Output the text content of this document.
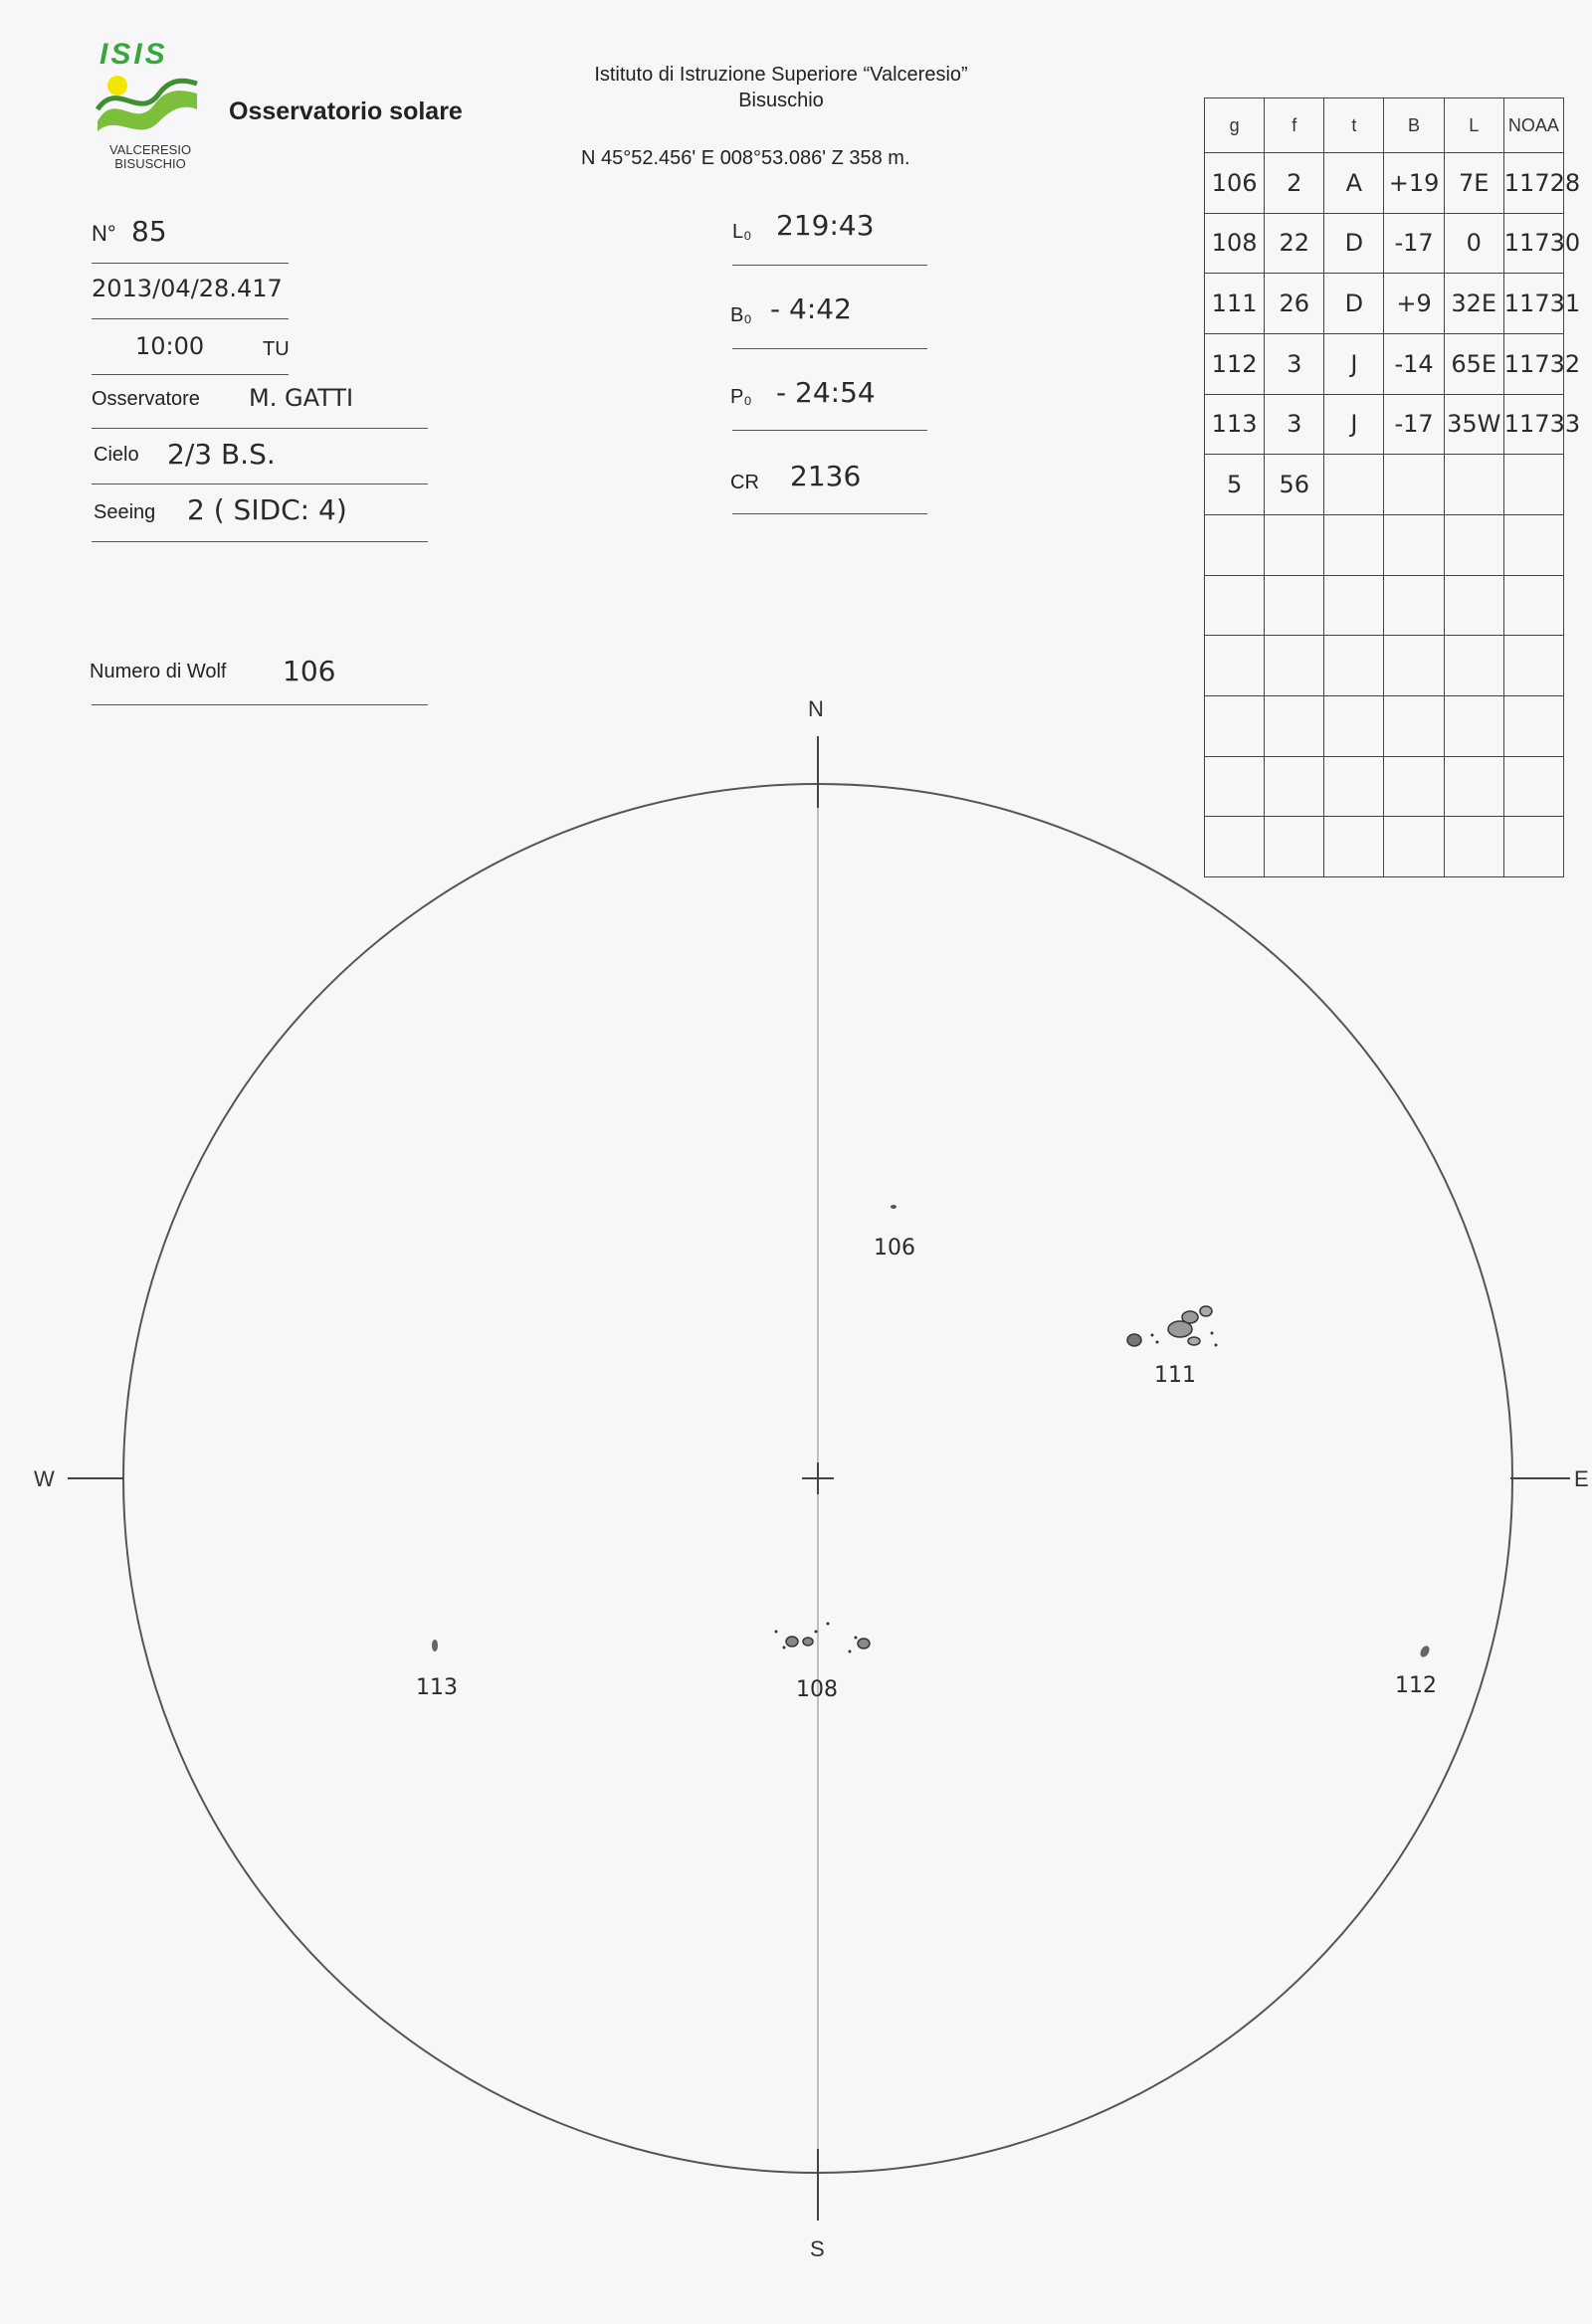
ISIS
VALCERESIO
BISUSCHIO
Osservatorio solare
Istituto di Istruzione Superiore “Valceresio”
Bisuschio
N 45°52.456' E 008°53.086' Z 358 m.
N° 85
2013/04/28.417
10:00	TU
Osservatore M. GATTI
Cielo 2/3 B.S.
Seeing 2 ( SIDC: 4)
Numero di Wolf 106
L₀ 219:43
B₀ - 4:42
P₀ - 24:54
CR 2136
g	f	t	B	L	NOAA
106	2	A	+19	7E	11728
108	22	D	-17	0	11730
111	26	D	+9	32E	11731
112	3	J	-14	65E	11732
113	3	J	-17	35W	11733
5	56				

N
S
W	E
106
111
113	108	112
